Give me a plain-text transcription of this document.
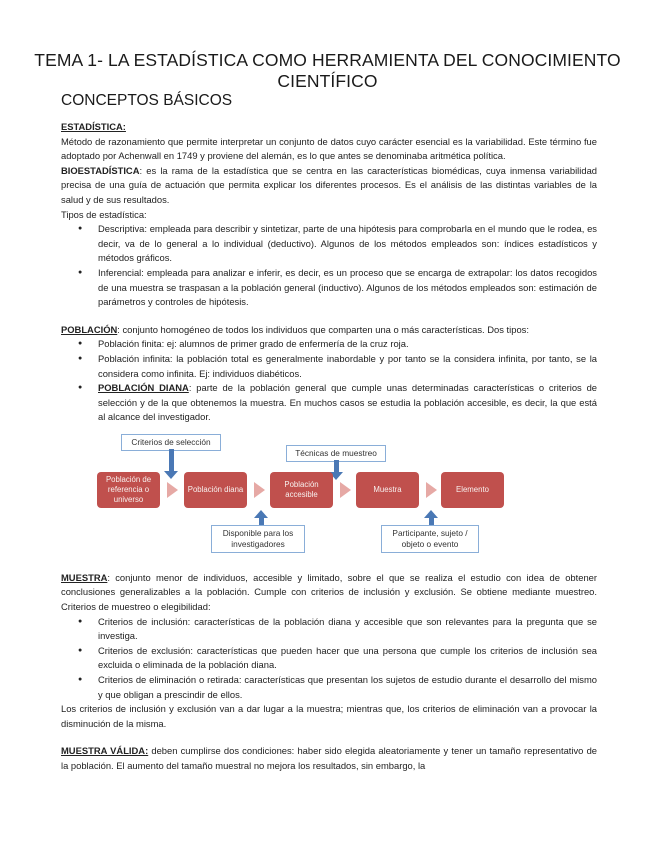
TEMA 1- LA ESTADÍSTICA COMO HERRAMIENTA DEL CONOCIMIENTO CIENTÍFICO
CONCEPTOS BÁSICOS

ESTADÍSTICA:

Método de razonamiento que permite interpretar un conjunto de datos cuyo carácter esencial es la variabilidad. Este término fue adoptado por Achenwall en 1749 y proviene del alemán, es lo que antes se denominaba aritmética política.

BIOESTADÍSTICA: es la rama de la estadística que se centra en las características biomédicas, cuya inmensa variabilidad precisa de una guía de actuación que permita explicar los diferentes procesos. Es el análisis de las distintas variables de la salud y de sus resultados.

Tipos de estadística:

● Descriptiva: empleada para describir y sintetizar, parte de una hipótesis para comprobarla en el mundo que le rodea, es decir, va de lo general a lo individual (deductivo). Algunos de los métodos empleados son: índices estadísticos y métodos gráficos.
● Inferencial: empleada para analizar e inferir, es decir, es un proceso que se encarga de extrapolar: los datos recogidos de una muestra se traspasan a la población general (inductivo). Algunos de los métodos empleados son: estimación de parámetros y controles de hipótesis.

POBLACIÓN: conjunto homogéneo de todos los individuos que comparten una o más características. Dos tipos:

● Población finita: ej: alumnos de primer grado de enfermería de la cruz roja.
● Población infinita: la población total es generalmente inabordable y por tanto se la considera infinita, por tanto, se la considera como infinita. Ej: individuos diabéticos.
● POBLACIÓN DIANA: parte de la población general que cumple unas determinadas características o criterios de selección y de la que obtenemos la muestra. En muchos casos se estudia la población accesible, es decir, la que está al alcance del investigador.
Criterios de selección
Técnicas de muestreo
Población de referencia o universo
Población diana
Población accesible
Muestra	Elemento
Disponible para los investigadores
Participante, sujeto / objeto o evento

MUESTRA: conjunto menor de individuos, accesible y limitado, sobre el que se realiza el estudio con idea de obtener conclusiones generalizables a la población. Cumple con criterios de inclusión y exclusión. Se obtiene mediante muestreo. Criterios de muestreo o elegibilidad:

● Criterios de inclusión: características de la población diana y accesible que son relevantes para la pregunta que se investiga.
● Criterios de exclusión: características que pueden hacer que una persona que cumple los criterios de inclusión sea excluida o eliminada de la población diana.
● Criterios de eliminación o retirada: características que presentan los sujetos de estudio durante el desarrollo del mismo y que obligan a prescindir de ellos.

Los criterios de inclusión y exclusión van a dar lugar a la muestra; mientras que, los criterios de eliminación van a provocar la disminución de la misma.

MUESTRA VÁLIDA: deben cumplirse dos condiciones: haber sido elegida aleatoriamente y tener un tamaño representativo de la población. El aumento del tamaño muestral no mejora los resultados, sin embargo, la
